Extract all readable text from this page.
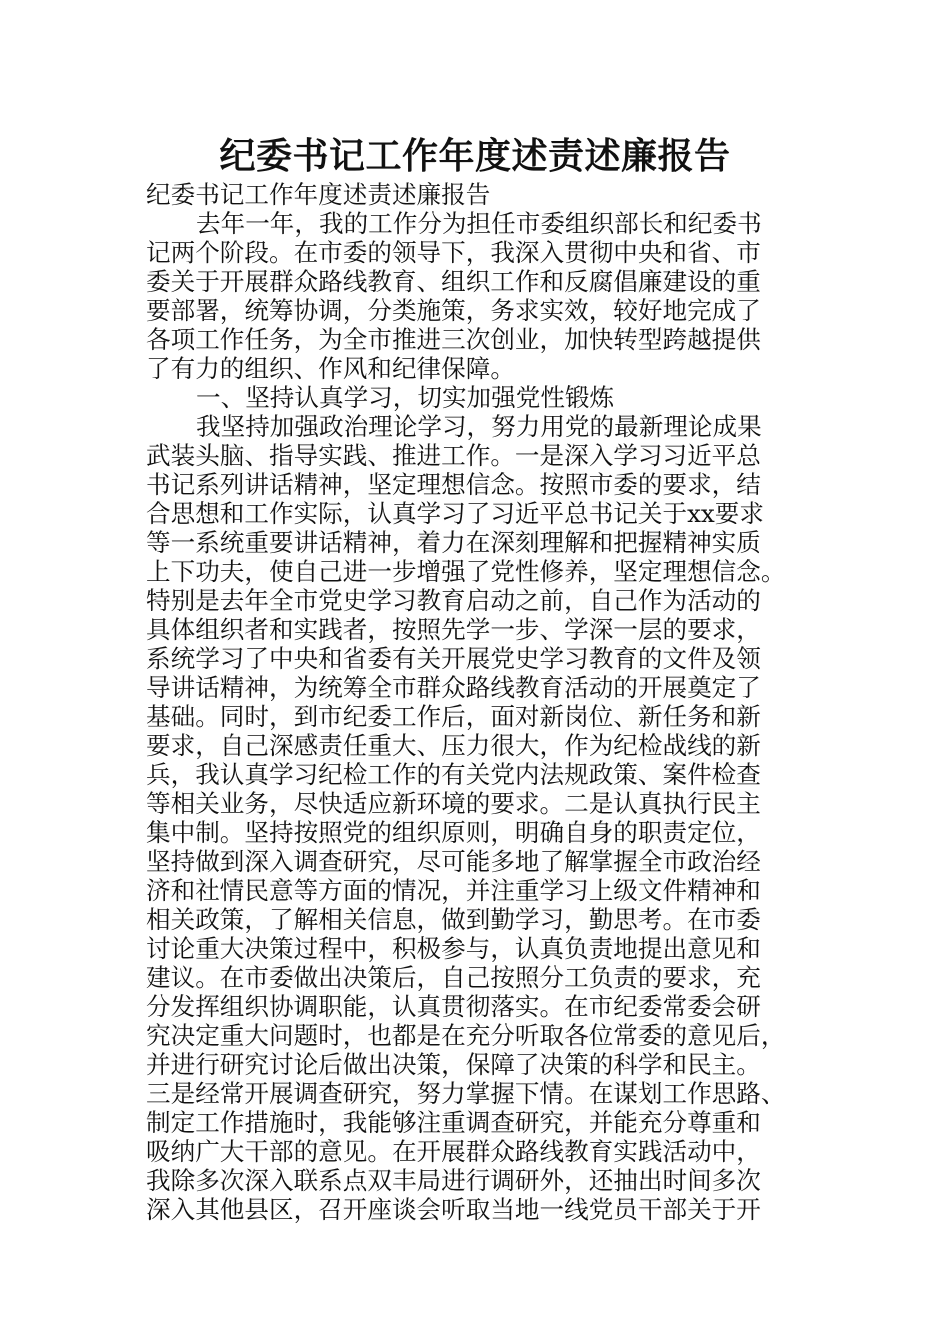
纪委书记工作年度述责述廉报告
纪委书记工作年度述责述廉报告
去年一年，我的工作分为担任市委组织部长和纪委书
记两个阶段。在市委的领导下，我深入贯彻中央和省、市
委关于开展群众路线教育、组织工作和反腐倡廉建设的重
要部署，统筹协调，分类施策，务求实效，较好地完成了
各项工作任务，为全市推进三次创业，加快转型跨越提供
了有力的组织、作风和纪律保障。
一、坚持认真学习，切实加强党性锻炼
我坚持加强政治理论学习，努力用党的最新理论成果
武装头脑、指导实践、推进工作。一是深入学习习近平总
书记系列讲话精神，坚定理想信念。按照市委的要求，结
合思想和工作实际，认真学习了习近平总书记关于xx要求
等一系统重要讲话精神，着力在深刻理解和把握精神实质
上下功夫，使自己进一步增强了党性修养，坚定理想信念。
特别是去年全市党史学习教育启动之前，自己作为活动的
具体组织者和实践者，按照先学一步、学深一层的要求，
系统学习了中央和省委有关开展党史学习教育的文件及领
导讲话精神，为统筹全市群众路线教育活动的开展奠定了
基础。同时，到市纪委工作后，面对新岗位、新任务和新
要求，自己深感责任重大、压力很大，作为纪检战线的新
兵，我认真学习纪检工作的有关党内法规政策、案件检查
等相关业务，尽快适应新环境的要求。二是认真执行民主
集中制。坚持按照党的组织原则，明确自身的职责定位，
坚持做到深入调查研究，尽可能多地了解掌握全市政治经
济和社情民意等方面的情况，并注重学习上级文件精神和
相关政策，了解相关信息，做到勤学习，勤思考。在市委
讨论重大决策过程中，积极参与，认真负责地提出意见和
建议。在市委做出决策后，自己按照分工负责的要求，充
分发挥组织协调职能，认真贯彻落实。在市纪委常委会研
究决定重大问题时，也都是在充分听取各位常委的意见后，
并进行研究讨论后做出决策，保障了决策的科学和民主。
三是经常开展调查研究，努力掌握下情。在谋划工作思路、
制定工作措施时，我能够注重调查研究，并能充分尊重和
吸纳广大干部的意见。在开展群众路线教育实践活动中，
我除多次深入联系点双丰局进行调研外，还抽出时间多次
深入其他县区，召开座谈会听取当地一线党员干部关于开
